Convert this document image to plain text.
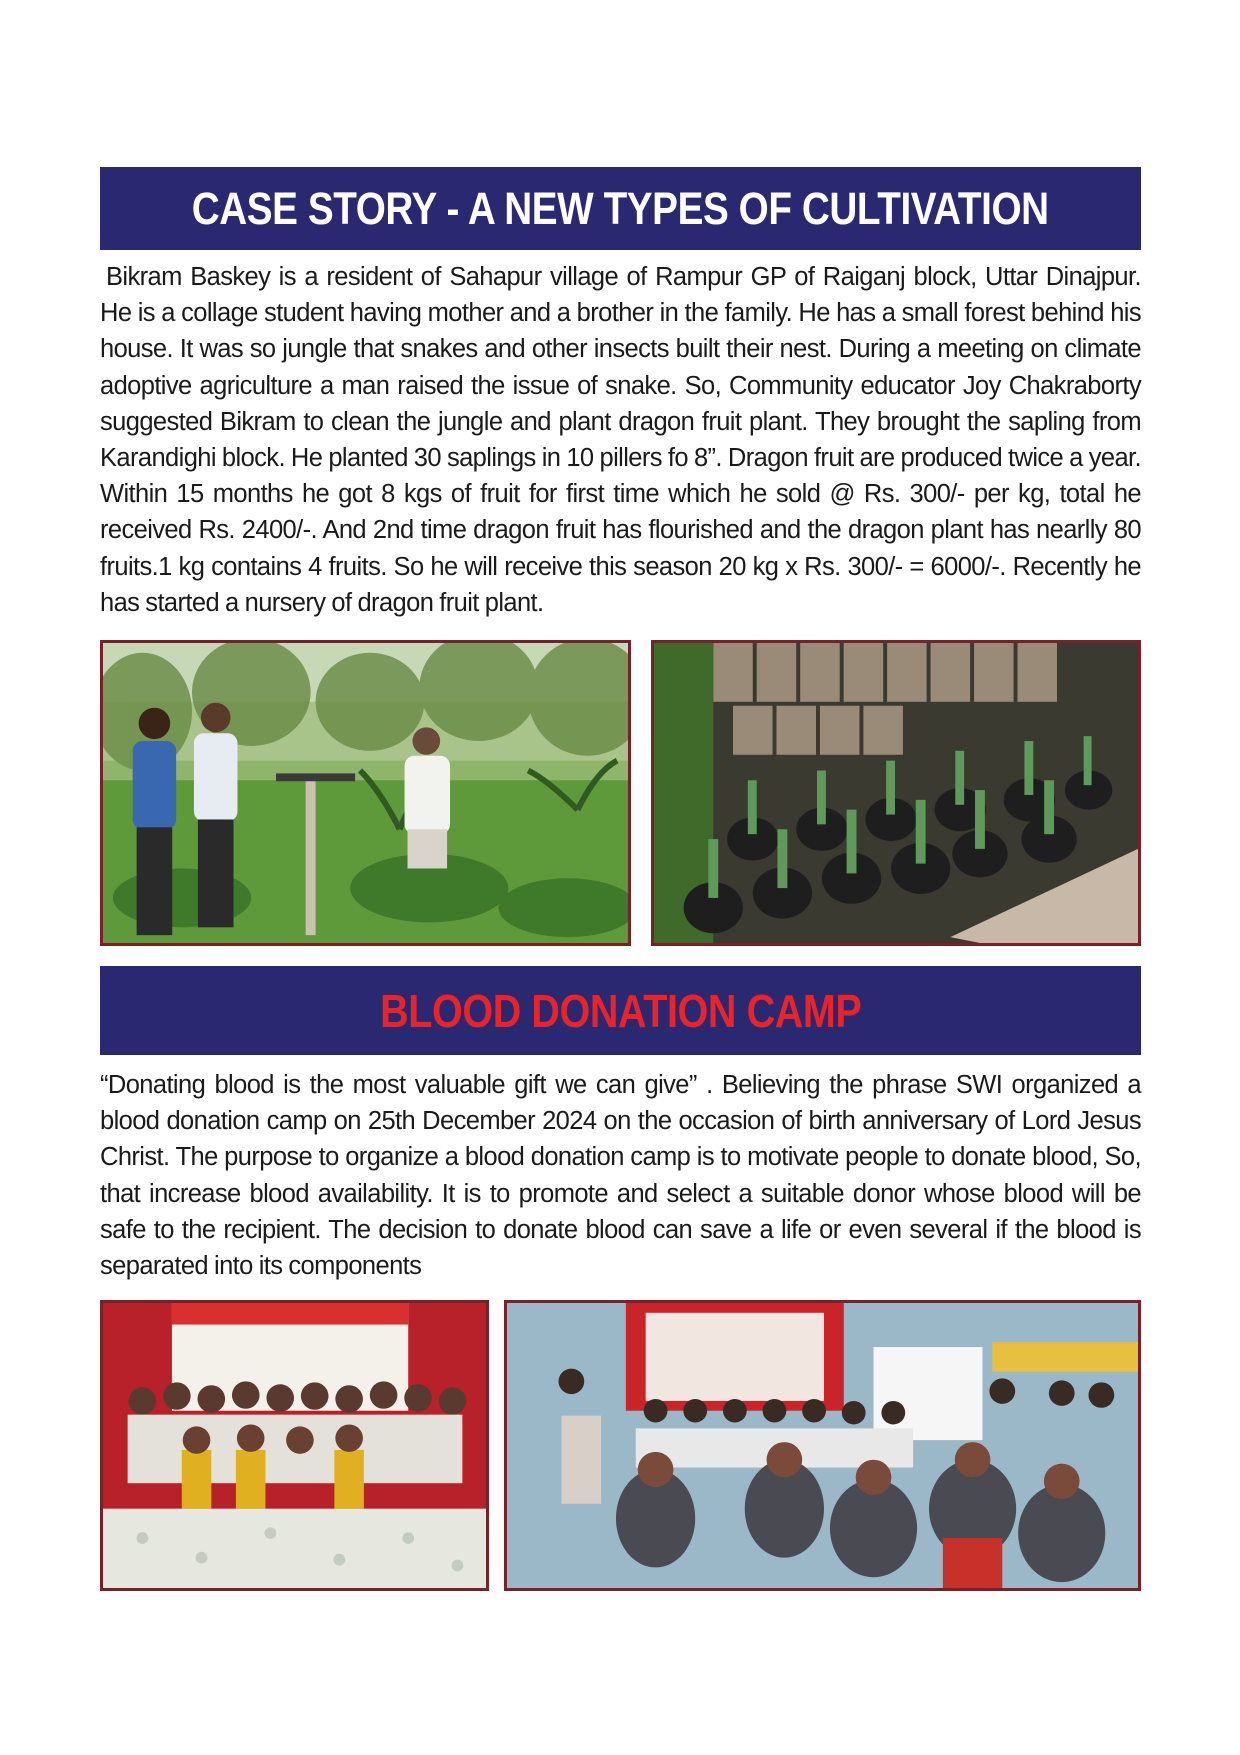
CASE STORY - A NEW TYPES OF CULTIVATION

Bikram Baskey is a resident of Sahapur village of Rampur GP of Raiganj block, Uttar Dinajpur. He is a collage student having mother and a brother in the family. He has a small forest behind his house. It was so jungle that snakes and other insects built their nest. During a meeting on climate adoptive agriculture a man raised the issue of snake. So, Community educator Joy Chakraborty suggested Bikram to clean the jungle and plant dragon fruit plant. They brought the sapling from Karandighi block. He planted 30 saplings in 10 pillers fo 8”. Dragon fruit are produced twice a year. Within 15 months he got 8 kgs of fruit for first time which he sold @ Rs. 300/- per kg, total he received Rs. 2400/-. And 2nd time dragon fruit has flourished and the dragon plant has nearlly 80 fruits.1 kg contains 4 fruits. So he will receive this season 20 kg x Rs. 300/- = 6000/-. Recently he has started a nursery of dragon fruit plant.

BLOOD DONATION CAMP

“Donating blood is the most valuable gift we can give” . Believing the phrase SWI organized a blood donation camp on 25th December 2024 on the occasion of birth anniversary of Lord Jesus Christ. The purpose to organize a blood donation camp is to motivate people to donate blood, So, that increase blood availability. It is to promote and select a suitable donor whose blood will be safe to the recipient. The decision to donate blood can save a life or even several if the blood is separated into its components
